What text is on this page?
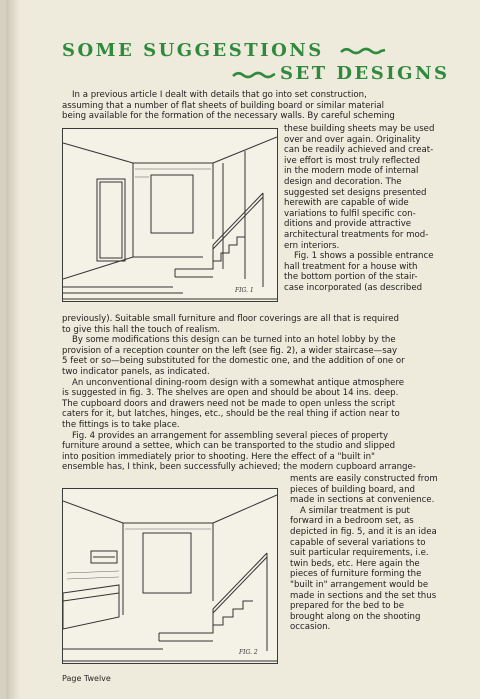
SOME SUGGESTIONS
SET DESIGNS
In a previous article I dealt with details that go into set construction,
assuming that a number of flat sheets of building board or similar material
being available for the formation of the necessary walls. By careful scheming
FIG. 1
these building sheets may be used
over and over again. Originality
can be readily achieved and creat-
ive effort is most truly reflected
in the modern mode of internal
design and decoration. The
suggested set designs presented
herewith are capable of wide
variations to fulfil specific con-
ditions and provide attractive
architectural treatments for mod-
ern interiors.
Fig. 1 shows a possible entrance
hall treatment for a house with
the bottom portion of the stair-
case incorporated (as described
previously). Suitable small furniture and floor coverings are all that is required
to give this hall the touch of realism.
By some modifications this design can be turned into an hotel lobby by the
provision of a reception counter on the left (see fig. 2), a wider staircase—say
5 feet or so—being substituted for the domestic one, and the addition of one or
two indicator panels, as indicated.
An unconventional dining-room design with a somewhat antique atmosphere
is suggested in fig. 3. The shelves are open and should be about 14 ins. deep.
The cupboard doors and drawers need not be made to open unless the script
caters for it, but latches, hinges, etc., should be the real thing if action near to
the fittings is to take place.
Fig. 4 provides an arrangement for assembling several pieces of property
furniture around a settee, which can be transported to the studio and slipped
into position immediately prior to shooting. Here the effect of a "built in"
ensemble has, I think, been successfully achieved; the modern cupboard arrange-
FIG. 2
ments are easily constructed from
pieces of building board, and
made in sections at convenience.
A similar treatment is put
forward in a bedroom set, as
depicted in fig. 5, and it is an idea
capable of several variations to
suit particular requirements, i.e.
twin beds, etc. Here again the
pieces of furniture forming the
"built in" arrangement would be
made in sections and the set thus
prepared for the bed to be
brought along on the shooting
occasion.
Page Twelve
